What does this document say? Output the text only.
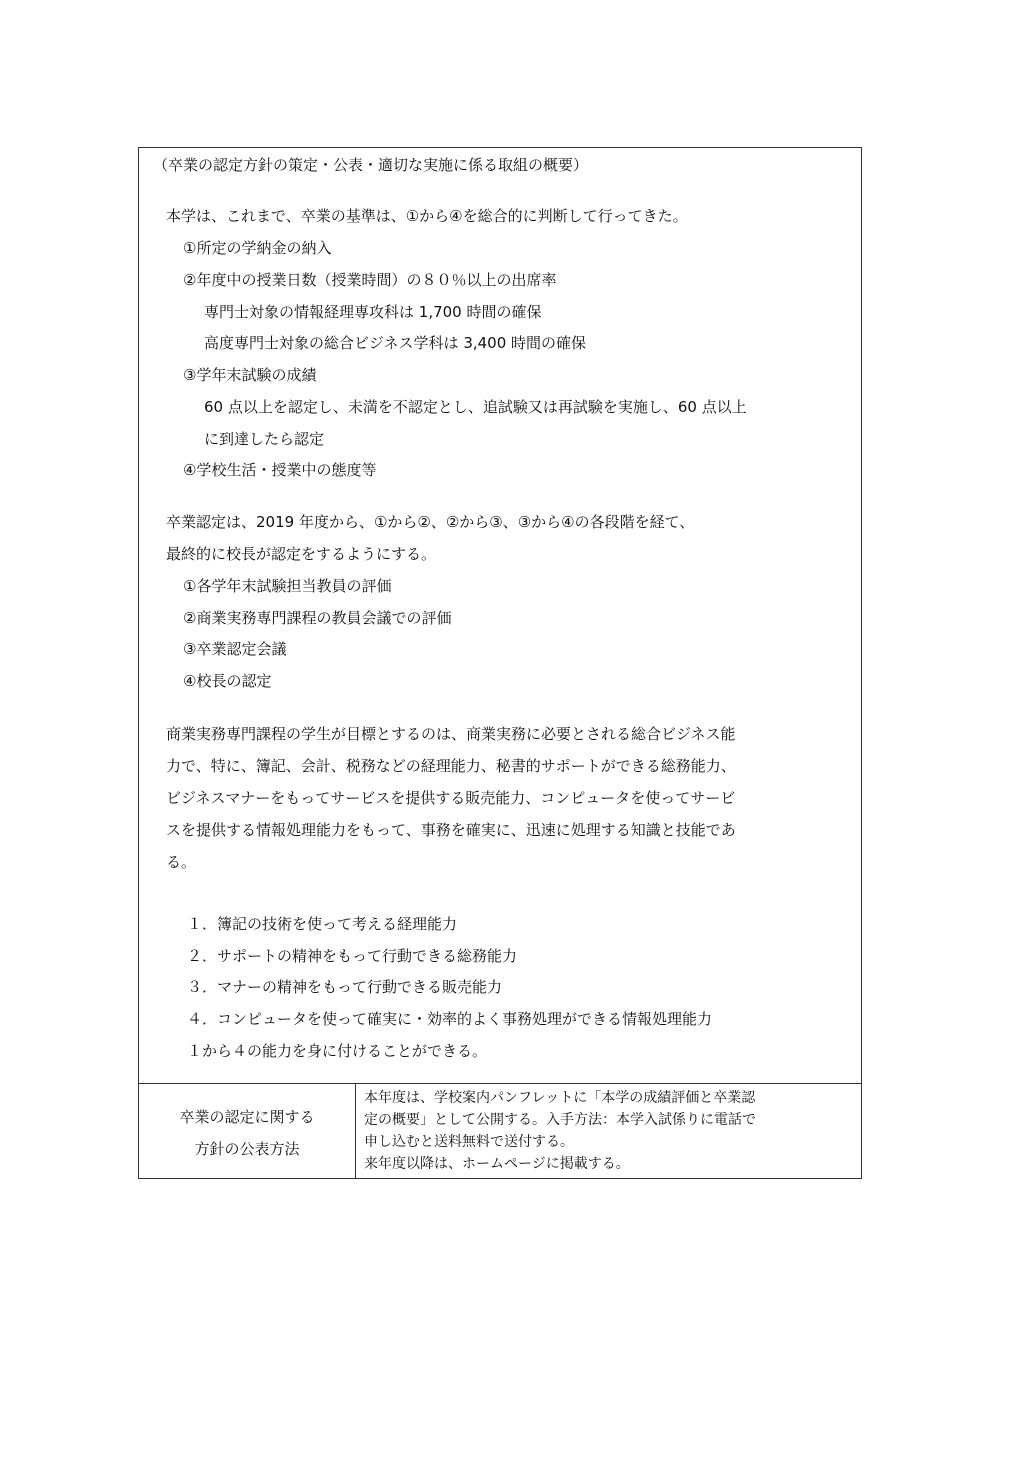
（卒業の認定方針の策定・公表・適切な実施に係る取組の概要）
本学は、これまで、卒業の基準は、①から④を総合的に判断して行ってきた。
①所定の学納金の納入
②年度中の授業日数（授業時間）の８０％以上の出席率
専門士対象の情報経理専攻科は 1,700 時間の確保
高度専門士対象の総合ビジネス学科は 3,400 時間の確保
③学年末試験の成績
60 点以上を認定し、未満を不認定とし、追試験又は再試験を実施し、60 点以上
に到達したら認定
④学校生活・授業中の態度等
卒業認定は、2019 年度から、①から②、②から③、③から④の各段階を経て、
最終的に校長が認定をするようにする。
①各学年末試験担当教員の評価
②商業実務専門課程の教員会議での評価
③卒業認定会議
④校長の認定
商業実務専門課程の学生が目標とするのは、商業実務に必要とされる総合ビジネス能
力で、特に、簿記、会計、税務などの経理能力、秘書的サポートができる総務能力、
ビジネスマナーをもってサービスを提供する販売能力、コンピュータを使ってサービ
スを提供する情報処理能力をもって、事務を確実に、迅速に処理する知識と技能であ
る。
１．簿記の技術を使って考える経理能力
２．サポートの精神をもって行動できる総務能力
３．マナーの精神をもって行動できる販売能力
４．コンピュータを使って確実に・効率的よく事務処理ができる情報処理能力
１から４の能力を身に付けることができる。
卒業の認定に関する
方針の公表方法
本年度は、学校案内パンフレットに「本学の成績評価と卒業認
定の概要」として公開する。入手方法：本学入試係りに電話で
申し込むと送料無料で送付する。
来年度以降は、ホームページに掲載する。
